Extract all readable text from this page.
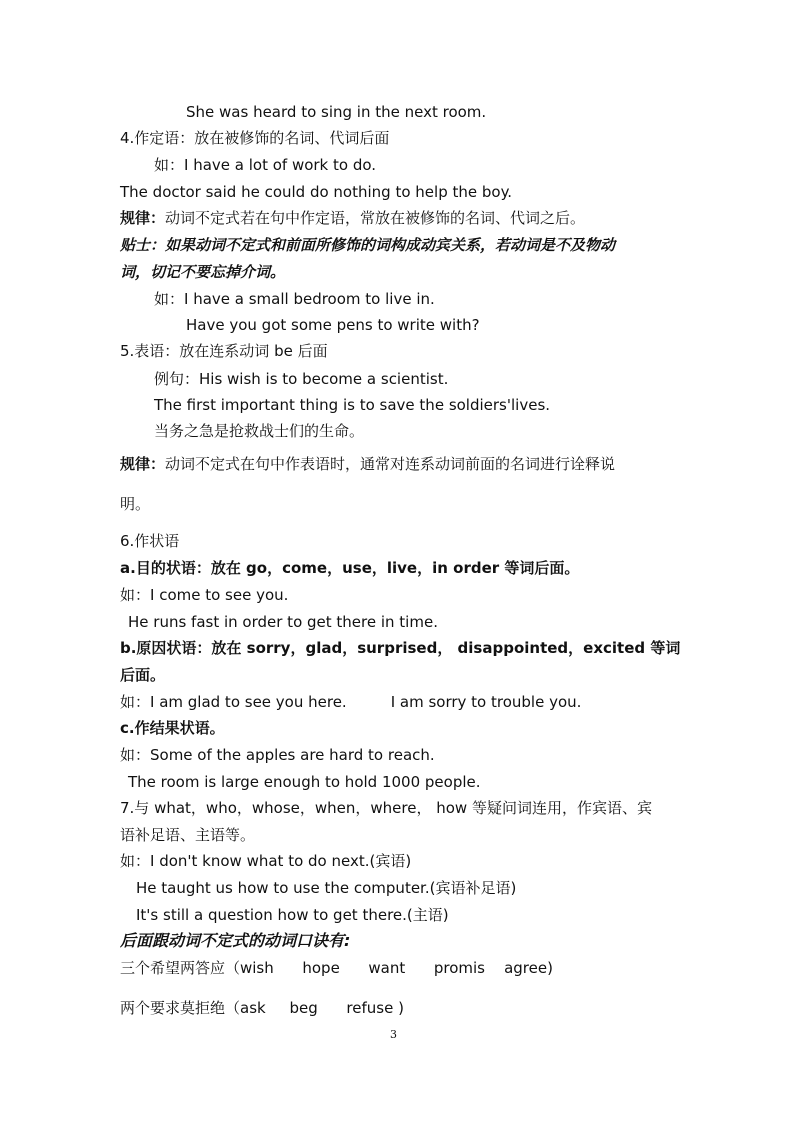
She was heard to sing in the next room.
4.作定语：放在被修饰的名词、代词后面
如：I have a lot of work to do.
The doctor said he could do nothing to help the boy.
规律：动词不定式若在句中作定语，常放在被修饰的名词、代词之后。
贴士：如果动词不定式和前面所修饰的词构成动宾关系，若动词是不及物动
词，切记不要忘掉介词。
如：I have a small bedroom to live in.
Have you got some pens to write with?
5.表语：放在连系动词 be 后面
例句：His wish is to become a scientist.
The first important thing is to save the soldiers'lives.
当务之急是抢救战士们的生命。
规律：动词不定式在句中作表语时，通常对连系动词前面的名词进行诠释说
明。
6.作状语
a.目的状语：放在 go，come，use，live，in order 等词后面。
如：I come to see you.
He runs fast in order to get there in time.
b.原因状语：放在 sorry，glad，surprised， disappointed，excited 等词
后面。
如：I am glad to see you here.	I am sorry to trouble you.
c.作结果状语。
如：Some of the apples are hard to reach.
The room is large enough to hold 1000 people.
7.与 what，who，whose，when，where， how 等疑问词连用，作宾语、宾
语补足语、主语等。
如：I don't know what to do next.(宾语)
He taught us how to use the computer.(宾语补足语)
It's still a question how to get there.(主语)
后面跟动词不定式的动词口诀有:
三个希望两答应（wish      hope      want      promis    agree)
两个要求莫拒绝（ask     beg      refuse )
3
